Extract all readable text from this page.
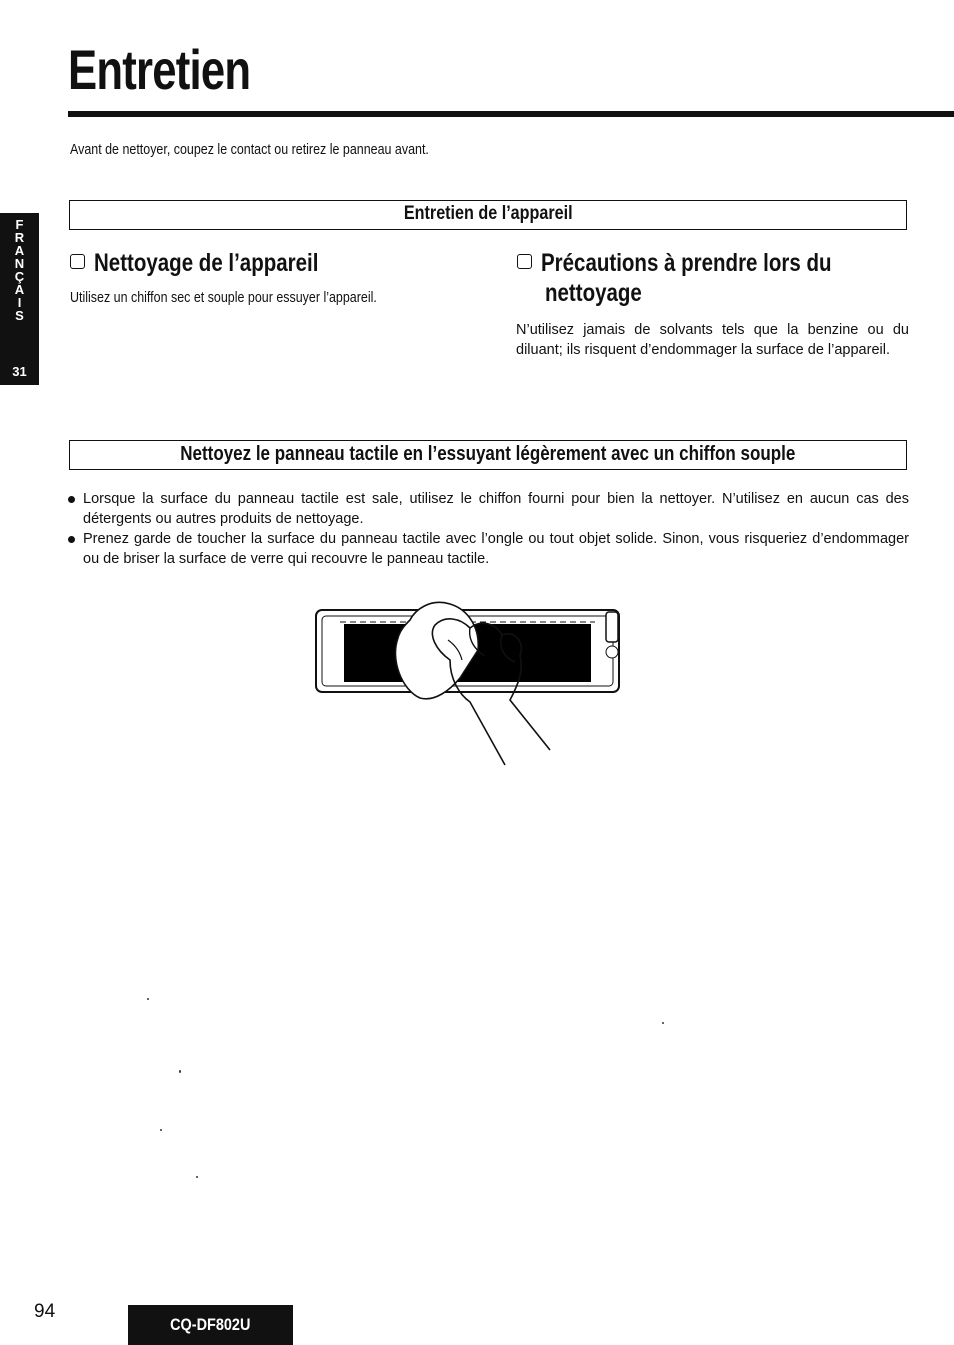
Entretien
Avant de nettoyer, coupez le contact ou retirez le panneau avant.
F
R
A
N
Ç
A
I
S
31
Entretien de l’appareil
Nettoyage de l’appareil
Utilisez un chiffon sec et souple pour essuyer l’appareil.
Précautions à prendre lors du
nettoyage
N’utilisez jamais de solvants tels que la benzine ou du diluant; ils risquent d’endommager la surface de l’appareil.
Nettoyez le panneau tactile en l’essuyant légèrement avec un chiffon souple
Lorsque la surface du panneau tactile est sale, utilisez le chiffon fourni pour bien la nettoyer. N’utilisez en aucun cas des détergents ou autres produits de nettoyage.
Prenez garde de toucher la surface du panneau tactile avec l’ongle ou tout objet solide. Sinon, vous risqueriez d’endommager ou de briser la surface de verre qui recouvre le panneau tactile.
94
CQ-DF802U
